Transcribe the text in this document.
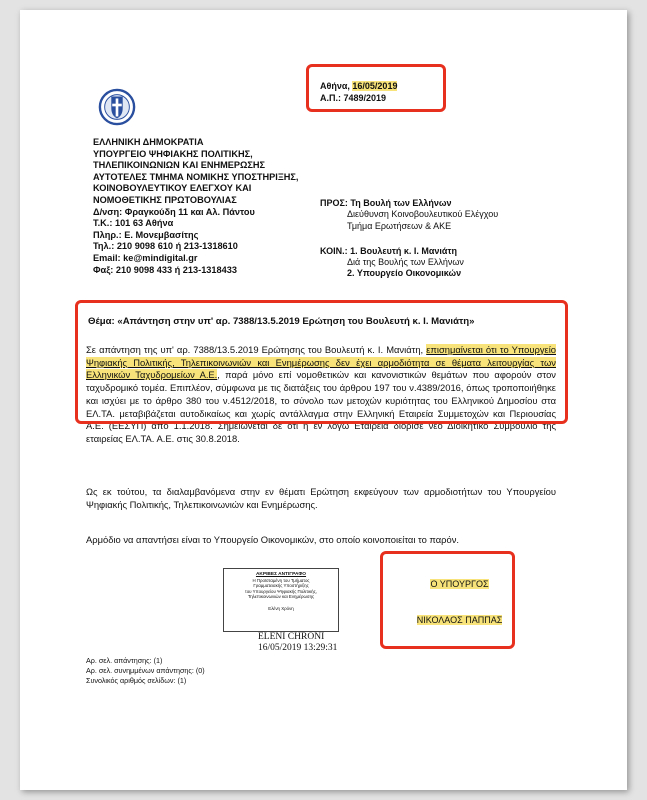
ΕΛΛΗΝΙΚΗ ΔΗΜΟΚΡΑΤΙΑ
ΥΠΟΥΡΓΕΙΟ ΨΗΦΙΑΚΗΣ ΠΟΛΙΤΙΚΗΣ,
ΤΗΛΕΠΙΚΟΙΝΩΝΙΩΝ ΚΑΙ ΕΝΗΜΕΡΩΣΗΣ
ΑΥΤΟΤΕΛΕΣ ΤΜΗΜΑ ΝΟΜΙΚΗΣ ΥΠΟΣΤΗΡΙΞΗΣ,
ΚΟΙΝΟΒΟΥΛΕΥΤΙΚΟΥ ΕΛΕΓΧΟΥ ΚΑΙ
ΝΟΜΟΘΕΤΙΚΗΣ ΠΡΩΤΟΒΟΥΛΙΑΣ
Δ/νση: Φραγκούδη 11 και Αλ. Πάντου
Τ.Κ.: 101 63 Αθήνα
Πληρ.: Ε. Μονεμβασίτης
Τηλ.: 210 9098 610 ή 213-1318610
Email: ke@mindigital.gr
Φαξ: 210 9098 433 ή 213-1318433
Αθήνα, 16/05/2019
Α.Π.: 7489/2019
ΠΡΟΣ: Τη Βουλή των Ελλήνων
Διεύθυνση Κοινοβουλευτικού Ελέγχου
Τμήμα Ερωτήσεων & ΑΚΕ
ΚΟΙΝ.: 1. Βουλευτή κ. Ι. Μανιάτη
Διά της Βουλής των Ελλήνων
2. Υπουργείο Οικονομικών
Θέμα: «Απάντηση στην υπ' αρ. 7388/13.5.2019 Ερώτηση του Βουλευτή κ. Ι. Μανιάτη»
Σε απάντηση της υπ' αρ. 7388/13.5.2019 Ερώτησης του Βουλευτή κ. Ι. Μανιάτη, επισημαίνεται ότι το Υπουργείο Ψηφιακής Πολιτικής, Τηλεπικοινωνιών και Ενημέρωσης δεν έχει αρμοδιότητα σε θέματα λειτουργίας των Ελληνικών Ταχυδρομείων Α.Ε., παρά μόνο επί νομοθετικών και κανονιστικών θεμάτων που αφορούν στον ταχυδρομικό τομέα. Επιπλέον, σύμφωνα με τις διατάξεις του άρθρου 197 του ν.4389/2016, όπως τροποποιήθηκε και ισχύει με το άρθρο 380 του ν.4512/2018, το σύνολο των μετοχών κυριότητας του Ελληνικού Δημοσίου στα ΕΛ.ΤΑ. μεταβιβάζεται αυτοδικαίως και χωρίς αντάλλαγμα στην Ελληνική Εταιρεία Συμμετοχών και Περιουσίας Α.Ε. (ΕΕΣΥΠ) από 1.1.2018. Σημειώνεται δε ότι η εν λόγω Εταιρεία διόρισε νέο Διοικητικό Συμβούλιο της εταιρείας ΕΛ.ΤΑ. Α.Ε. στις 30.8.2018.
Ως εκ τούτου, τα διαλαμβανόμενα στην εν θέματι Ερώτηση εκφεύγουν των αρμοδιοτήτων του Υπουργείου Ψηφιακής Πολιτικής, Τηλεπικοινωνιών και Ενημέρωσης.
Αρμόδιο να απαντήσει είναι το Υπουργείο Οικονομικών, στο οποίο κοινοποιείται το παρόν.
ΑΚΡΙΒΕΣ ΑΝΤΙΓΡΑΦΟ
Η Προϊσταμένη του Τμήματος
Γραμματειακής Υποστήριξης
του Υπουργείου Ψηφιακής Πολιτικής,
Τηλεπικοινωνιών και Ενημέρωσης
Ελένη Χρόνη
ELENI CHRONI
16/05/2019 13:29:31
Ο ΥΠΟΥΡΓΟΣ
ΝΙΚΟΛΑΟΣ ΠΑΠΠΑΣ
Αρ. σελ. απάντησης: (1)
Αρ. σελ. συνημμένων απάντησης: (0)
Συνολικός αριθμός σελίδων: (1)
